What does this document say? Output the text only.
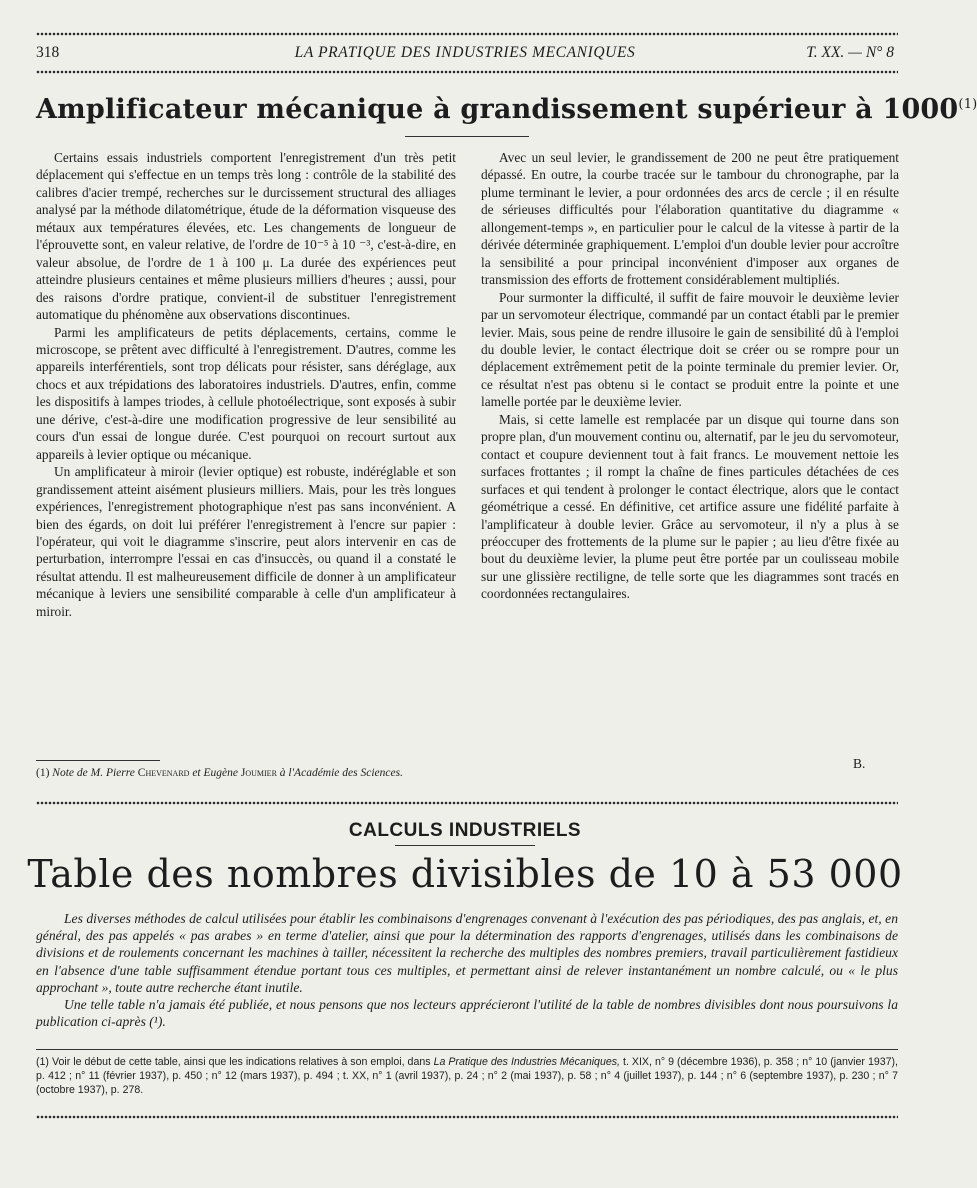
318	LA PRATIQUE DES INDUSTRIES MECANIQUES	T. XX. — N° 8
Amplificateur mécanique à grandissement supérieur à 1000$^{(1)}$

Certains essais industriels comportent l'enregistrement d'un très petit déplacement qui s'effectue en un temps très long : contrôle de la stabilité des calibres d'acier trempé, recherches sur le durcissement structural des alliages analysé par la méthode dilatométrique, étude de la déformation visqueuse des métaux aux températures élevées, etc. Les changements de longueur de l'éprouvette sont, en valeur relative, de l'ordre de 10⁻⁵ à 10 ⁻³, c'est-à-dire, en valeur absolue, de l'ordre de 1 à 100 μ. La durée des expériences peut atteindre plusieurs centaines et même plusieurs milliers d'heures ; aussi, pour des raisons d'ordre pratique, convient-il de substituer l'enregistrement automatique du phénomène aux observations discontinues.

Parmi les amplificateurs de petits déplacements, certains, comme le microscope, se prêtent avec difficulté à l'enregistrement. D'autres, comme les appareils interférentiels, sont trop délicats pour résister, sans déréglage, aux chocs et aux trépidations des laboratoires industriels. D'autres, enfin, comme les dispositifs à lampes triodes, à cellule photoélectrique, sont exposés à subir une dérive, c'est-à-dire une modification progressive de leur sensibilité au cours d'un essai de longue durée. C'est pourquoi on recourt surtout aux appareils à levier optique ou mécanique.

Un amplificateur à miroir (levier optique) est robuste, indéréglable et son grandissement atteint aisément plusieurs milliers. Mais, pour les très longues expériences, l'enregistrement photographique n'est pas sans inconvénient. A bien des égards, on doit lui préférer l'enregistrement à l'encre sur papier : l'opérateur, qui voit le diagramme s'inscrire, peut alors intervenir en cas de perturbation, interrompre l'essai en cas d'insuccès, ou quand il a constaté le résultat attendu. Il est malheureusement difficile de donner à un amplificateur mécanique à leviers une sensibilité comparable à celle d'un amplificateur à miroir.

Avec un seul levier, le grandissement de 200 ne peut être pratiquement dépassé. En outre, la courbe tracée sur le tambour du chronographe, par la plume terminant le levier, a pour ordonnées des arcs de cercle ; il en résulte de sérieuses difficultés pour l'élaboration quantitative du diagramme « allongement-temps », en particulier pour le calcul de la vitesse à partir de la dérivée déterminée graphiquement. L'emploi d'un double levier pour accroître la sensibilité a pour principal inconvénient d'imposer aux organes de transmission des efforts de frottement considérablement multipliés.

Pour surmonter la difficulté, il suffit de faire mouvoir le deuxième levier par un servomoteur électrique, commandé par un contact établi par le premier levier. Mais, sous peine de rendre illusoire le gain de sensibilité dû à l'emploi du double levier, le contact électrique doit se créer ou se rompre pour un déplacement extrêmement petit de la pointe terminale du premier levier. Or, ce résultat n'est pas obtenu si le contact se produit entre la pointe et une lamelle portée par le deuxième levier.

Mais, si cette lamelle est remplacée par un disque qui tourne dans son propre plan, d'un mouvement continu ou, alternatif, par le jeu du servomoteur, contact et coupure deviennent tout à fait francs. Le mouvement nettoie les surfaces frottantes ; il rompt la chaîne de fines particules détachées de ces surfaces et qui tendent à prolonger le contact électrique, alors que le contact géométrique a cessé. En définitive, cet artifice assure une fidélité parfaite à l'amplificateur à double levier. Grâce au servomoteur, il n'y a plus à se préoccuper des frottements de la plume sur le papier ; au lieu d'être fixée au bout du deuxième levier, la plume peut être portée par un coulisseau mobile sur une glissière rectiligne, de telle sorte que les diagrammes sont tracés en coordonnées rectangulaires.

B.
(1) Note de M. Pierre Chevenard et Eugène Joumier à l'Académie des Sciences.
CALCULS INDUSTRIELS
Table des nombres divisibles de 10 à 53 000

Les diverses méthodes de calcul utilisées pour établir les combinaisons d'engrenages convenant à l'exécution des pas périodiques, des pas anglais, et, en général, des pas appelés « pas arabes » en terme d'atelier, ainsi que pour la détermination des rapports d'engrenages, utilisés dans les combinaisons de divisions et de roulements concernant les machines à tailler, nécessitent la recherche des multiples des nombres premiers, travail particulièrement fastidieux en l'absence d'une table suffisamment étendue portant tous ces multiples, et permettant ainsi de relever instantanément un nombre calculé, ou « le plus approchant », toute autre recherche étant inutile.

Une telle table n'a jamais été publiée, et nous pensons que nos lecteurs apprécieront l'utilité de la table de nombres divisibles dont nous poursuivons la publication ci-après (¹).

(1) Voir le début de cette table, ainsi que les indications relatives à son emploi, dans La Pratique des Industries Mécaniques, t. XIX, n° 9 (décembre 1936), p. 358 ; n° 10 (janvier 1937), p. 412 ; n° 11 (février 1937), p. 450 ; n° 12 (mars 1937), p. 494 ; t. XX, n° 1 (avril 1937), p. 24 ; n° 2 (mai 1937), p. 58 ; n° 4 (juillet 1937), p. 144 ; n° 6 (septembre 1937), p. 230 ; n° 7 (octobre 1937), p. 278.
